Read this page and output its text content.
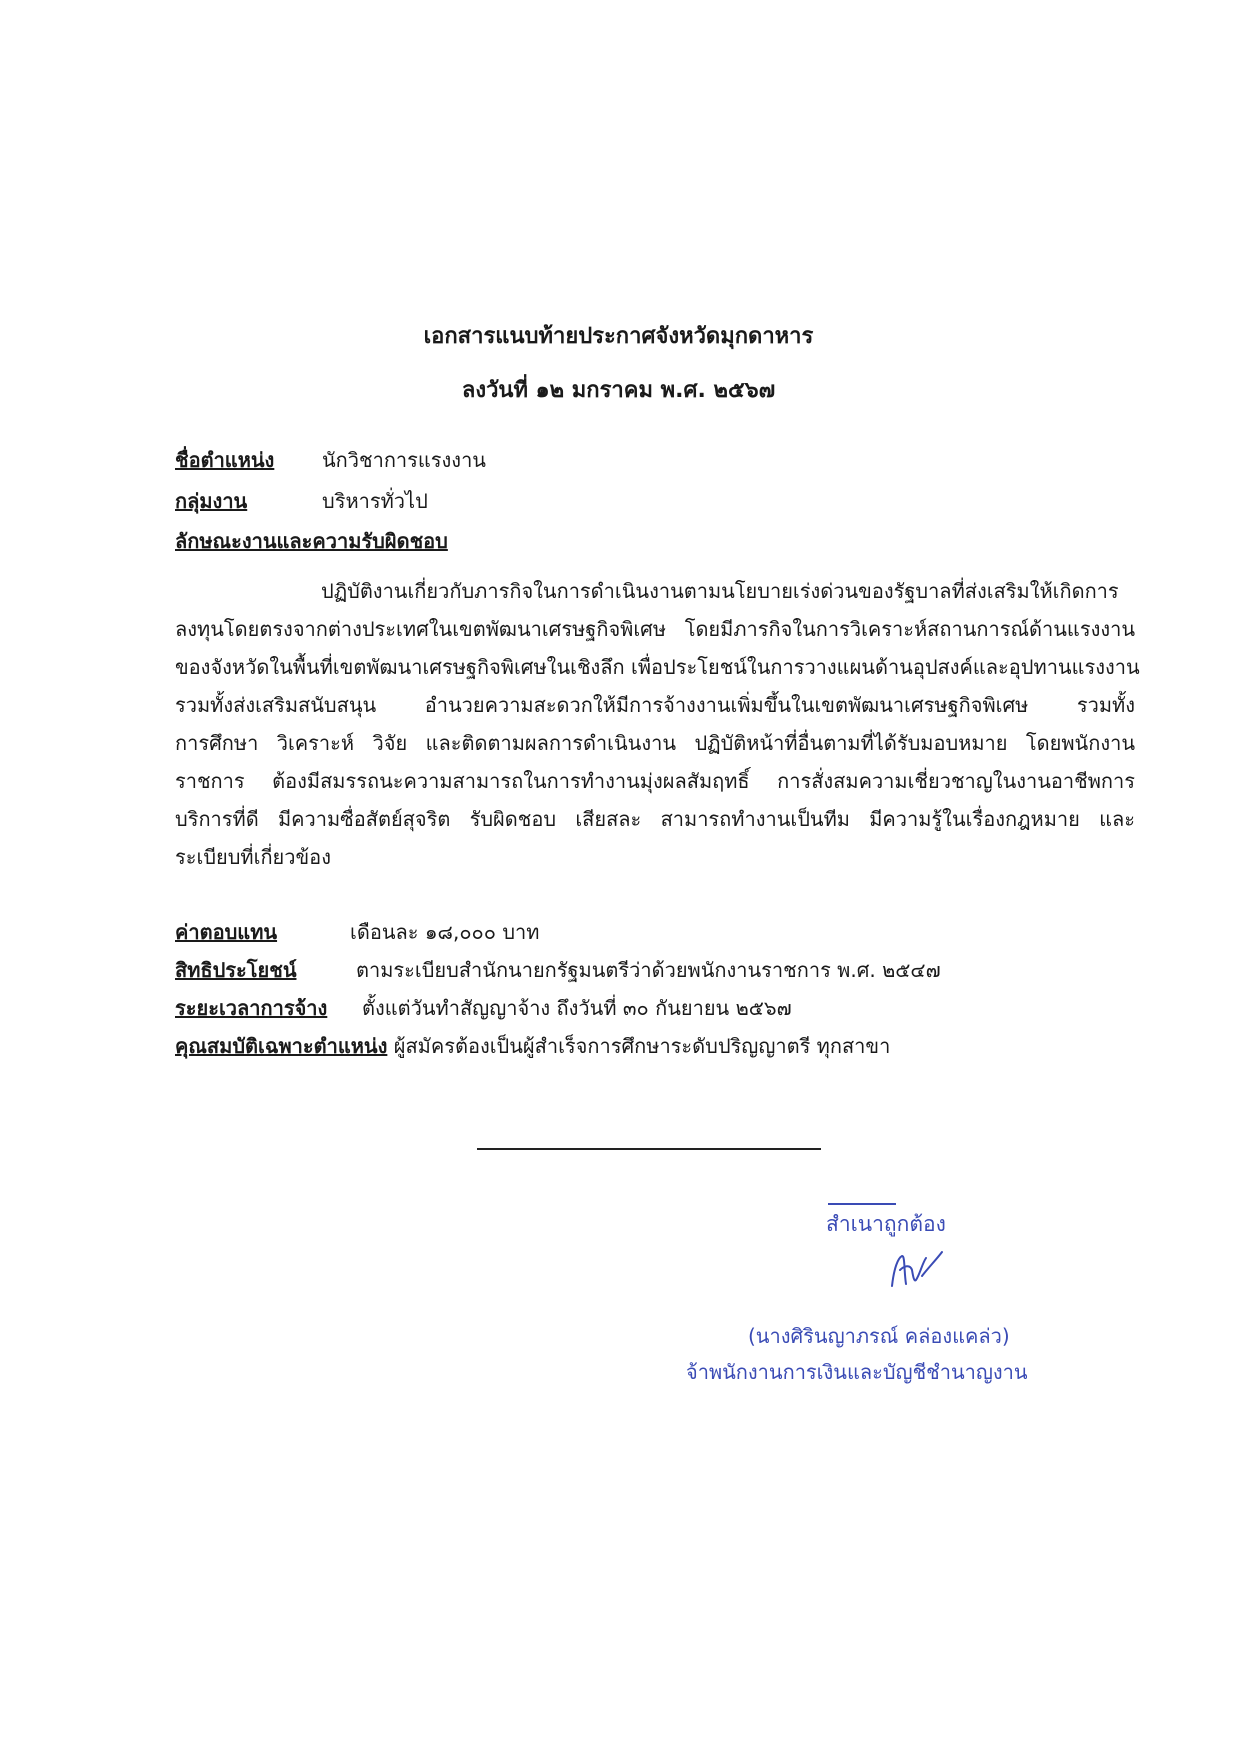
เอกสารแนบท้ายประกาศจังหวัดมุกดาหาร
ลงวันที่ ๑๒ มกราคม พ.ศ. ๒๕๖๗
ชื่อตำแหน่ง นักวิชาการแรงงาน
กลุ่มงาน	บริหารทั่วไป
ลักษณะงานและความรับผิดชอบ
ปฏิบัติงานเกี่ยวกับภารกิจในการดำเนินงานตามนโยบายเร่งด่วนของรัฐบาลที่ส่งเสริมให้เกิดการ
ลงทุนโดยตรงจากต่างประเทศในเขตพัฒนาเศรษฐกิจพิเศษ โดยมีภารกิจในการวิเคราะห์สถานการณ์ด้านแรงงาน
ของจังหวัดในพื้นที่เขตพัฒนาเศรษฐกิจพิเศษในเชิงลึก เพื่อประโยชน์ในการวางแผนด้านอุปสงค์และอุปทานแรงงาน
รวมทั้งส่งเสริมสนับสนุน อำนวยความสะดวกให้มีการจ้างงานเพิ่มขึ้นในเขตพัฒนาเศรษฐกิจพิเศษ รวมทั้ง
การศึกษา วิเคราะห์ วิจัย และติดตามผลการดำเนินงาน ปฏิบัติหน้าที่อื่นตามที่ได้รับมอบหมาย โดยพนักงาน
ราชการ ต้องมีสมรรถนะความสามารถในการทำงานมุ่งผลสัมฤทธิ์ การสั่งสมความเชี่ยวชาญในงานอาชีพการ
บริการที่ดี มีความซื่อสัตย์สุจริต รับผิดชอบ เสียสละ สามารถทำงานเป็นทีม มีความรู้ในเรื่องกฎหมาย และ
ระเบียบที่เกี่ยวข้อง
ค่าตอบแทน	เดือนละ ๑๘,๐๐๐ บาท
สิทธิประโยชน์	ตามระเบียบสำนักนายกรัฐมนตรีว่าด้วยพนักงานราชการ พ.ศ. ๒๕๔๗
ระยะเวลาการจ้าง ตั้งแต่วันทำสัญญาจ้าง ถึงวันที่ ๓๐ กันยายน ๒๕๖๗
คุณสมบัติเฉพาะตำแหน่ง ผู้สมัครต้องเป็นผู้สำเร็จการศึกษาระดับปริญญาตรี ทุกสาขา
สำเนาถูกต้อง
(นางศิรินญาภรณ์ คล่องแคล่ว)
จ้าพนักงานการเงินและบัญชีชำนาญงาน
